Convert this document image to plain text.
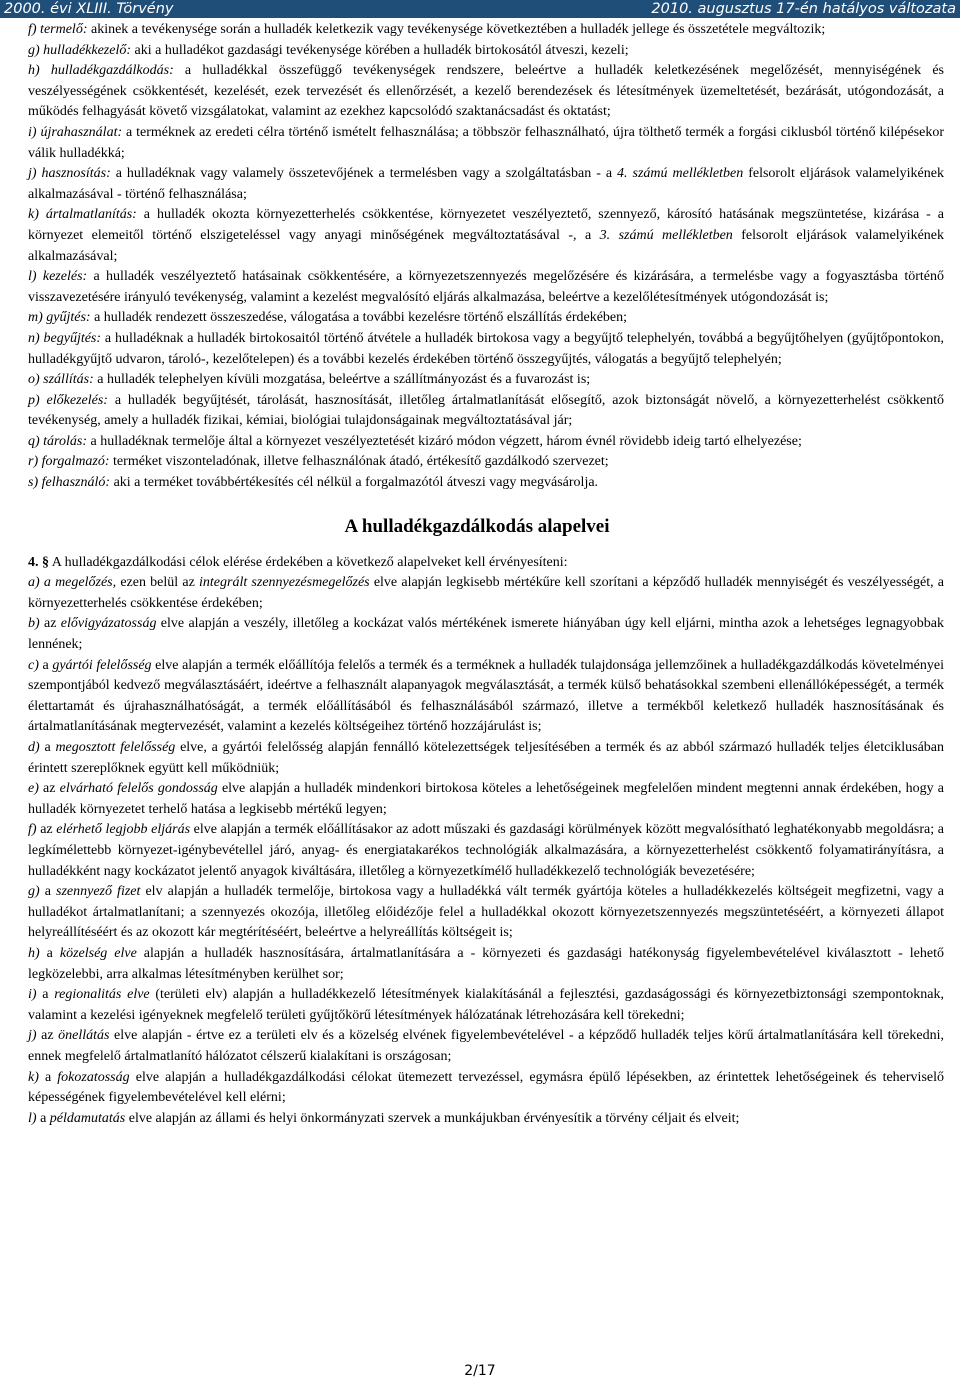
2000. évi XLIII. Törvény	2010. augusztus 17-én hatályos változata

f) termelő: akinek a tevékenysége során a hulladék keletkezik vagy tevékenysége következtében a hulladék jellege és összetétele megváltozik;

g) hulladékkezelő: aki a hulladékot gazdasági tevékenysége körében a hulladék birtokosától átveszi, kezeli;

h) hulladékgazdálkodás: a hulladékkal összefüggő tevékenységek rendszere, beleértve a hulladék keletkezésének megelőzését, mennyiségének és veszélyességének csökkentését, kezelését, ezek tervezését és ellenőrzését, a kezelő berendezések és létesítmények üzemeltetését, bezárását, utógondozását, a működés felhagyását követő vizsgálatokat, valamint az ezekhez kapcsolódó szaktanácsadást és oktatást;

i) újrahasználat: a terméknek az eredeti célra történő ismételt felhasználása; a többször felhasználható, újra tölthető termék a forgási ciklusból történő kilépésekor válik hulladékká;

j) hasznosítás: a hulladéknak vagy valamely összetevőjének a termelésben vagy a szolgáltatásban - a 4. számú mellékletben felsorolt eljárások valamelyikének alkalmazásával - történő felhasználása;

k) ártalmatlanítás: a hulladék okozta környezetterhelés csökkentése, környezetet veszélyeztető, szennyező, károsító hatásának megszüntetése, kizárása - a környezet elemeitől történő elszigeteléssel vagy anyagi minőségének megváltoztatásával -, a 3. számú mellékletben felsorolt eljárások valamelyikének alkalmazásával;

l) kezelés: a hulladék veszélyeztető hatásainak csökkentésére, a környezetszennyezés megelőzésére és kizárására, a termelésbe vagy a fogyasztásba történő visszavezetésére irányuló tevékenység, valamint a kezelést megvalósító eljárás alkalmazása, beleértve a kezelőlétesítmények utógondozását is;

m) gyűjtés: a hulladék rendezett összeszedése, válogatása a további kezelésre történő elszállítás érdekében;

n) begyűjtés: a hulladéknak a hulladék birtokosaitól történő átvétele a hulladék birtokosa vagy a begyűjtő telephelyén, továbbá a begyűjtőhelyen (gyűjtőpontokon, hulladékgyűjtő udvaron, tároló-, kezelőtelepen) és a további kezelés érdekében történő összegyűjtés, válogatás a begyűjtő telephelyén;

o) szállítás: a hulladék telephelyen kívüli mozgatása, beleértve a szállítmányozást és a fuvarozást is;

p) előkezelés: a hulladék begyűjtését, tárolását, hasznosítását, illetőleg ártalmatlanítását elősegítő, azok biztonságát növelő, a környezetterhelést csökkentő tevékenység, amely a hulladék fizikai, kémiai, biológiai tulajdonságainak megváltoztatásával jár;

q) tárolás: a hulladéknak termelője által a környezet veszélyeztetését kizáró módon végzett, három évnél rövidebb ideig tartó elhelyezése;

r) forgalmazó: terméket viszonteladónak, illetve felhasználónak átadó, értékesítő gazdálkodó szervezet;

s) felhasználó: aki a terméket továbbértékesítés cél nélkül a forgalmazótól átveszi vagy megvásárolja.

A hulladékgazdálkodás alapelvei

4. § A hulladékgazdálkodási célok elérése érdekében a következő alapelveket kell érvényesíteni:

a) a megelőzés, ezen belül az integrált szennyezésmegelőzés elve alapján legkisebb mértékűre kell szorítani a képződő hulladék mennyiségét és veszélyességét, a környezetterhelés csökkentése érdekében;

b) az elővigyázatosság elve alapján a veszély, illetőleg a kockázat valós mértékének ismerete hiányában úgy kell eljárni, mintha azok a lehetséges legnagyobbak lennének;

c) a gyártói felelősség elve alapján a termék előállítója felelős a termék és a terméknek a hulladék tulajdonsága jellemzőinek a hulladékgazdálkodás követelményei szempontjából kedvező megválasztásáért, ideértve a felhasznált alapanyagok megválasztását, a termék külső behatásokkal szembeni ellenállóképességét, a termék élettartamát és újrahasználhatóságát, a termék előállításából és felhasználásából származó, illetve a termékből keletkező hulladék hasznosításának és ártalmatlanításának megtervezését, valamint a kezelés költségeihez történő hozzájárulást is;

d) a megosztott felelősség elve, a gyártói felelősség alapján fennálló kötelezettségek teljesítésében a termék és az abból származó hulladék teljes életciklusában érintett szereplőknek együtt kell működniük;

e) az elvárható felelős gondosság elve alapján a hulladék mindenkori birtokosa köteles a lehetőségeinek megfelelően mindent megtenni annak érdekében, hogy a hulladék környezetet terhelő hatása a legkisebb mértékű legyen;

f) az elérhető legjobb eljárás elve alapján a termék előállításakor az adott műszaki és gazdasági körülmények között megvalósítható leghatékonyabb megoldásra; a legkímélettebb környezet-igénybevétellel járó, anyag- és energiatakarékos technológiák alkalmazására, a környezetterhelést csökkentő folyamatirányításra, a hulladékként nagy kockázatot jelentő anyagok kiváltására, illetőleg a környezetkímélő hulladékkezelő technológiák bevezetésére;

g) a szennyező fizet elv alapján a hulladék termelője, birtokosa vagy a hulladékká vált termék gyártója köteles a hulladékkezelés költségeit megfizetni, vagy a hulladékot ártalmatlanítani; a szennyezés okozója, illetőleg előidézője felel a hulladékkal okozott környezetszennyezés megszüntetéséért, a környezeti állapot helyreállítéséért és az okozott kár megtérítéséért, beleértve a helyreállítás költségeit is;

h) a közelség elve alapján a hulladék hasznosítására, ártalmatlanítására a - környezeti és gazdasági hatékonyság figyelembevételével kiválasztott - lehető legközelebbi, arra alkalmas létesítményben kerülhet sor;

i) a regionalitás elve (területi elv) alapján a hulladékkezelő létesítmények kialakításánál a fejlesztési, gazdaságossági és környezetbiztonsági szempontoknak, valamint a kezelési igényeknek megfelelő területi gyűjtőkörű létesítmények hálózatának létrehozására kell törekedni;

j) az önellátás elve alapján - értve ez a területi elv és a közelség elvének figyelembevételével - a képződő hulladék teljes körű ártalmatlanítására kell törekedni, ennek megfelelő ártalmatlanító hálózatot célszerű kialakítani is országosan;

k) a fokozatosság elve alapján a hulladékgazdálkodási célokat ütemezett tervezéssel, egymásra épülő lépésekben, az érintettek lehetőségeinek és teherviselő képességének figyelembevételével kell elérni;

l) a példamutatás elve alapján az állami és helyi önkormányzati szervek a munkájukban érvényesítik a törvény céljait és elveit;

2/17
